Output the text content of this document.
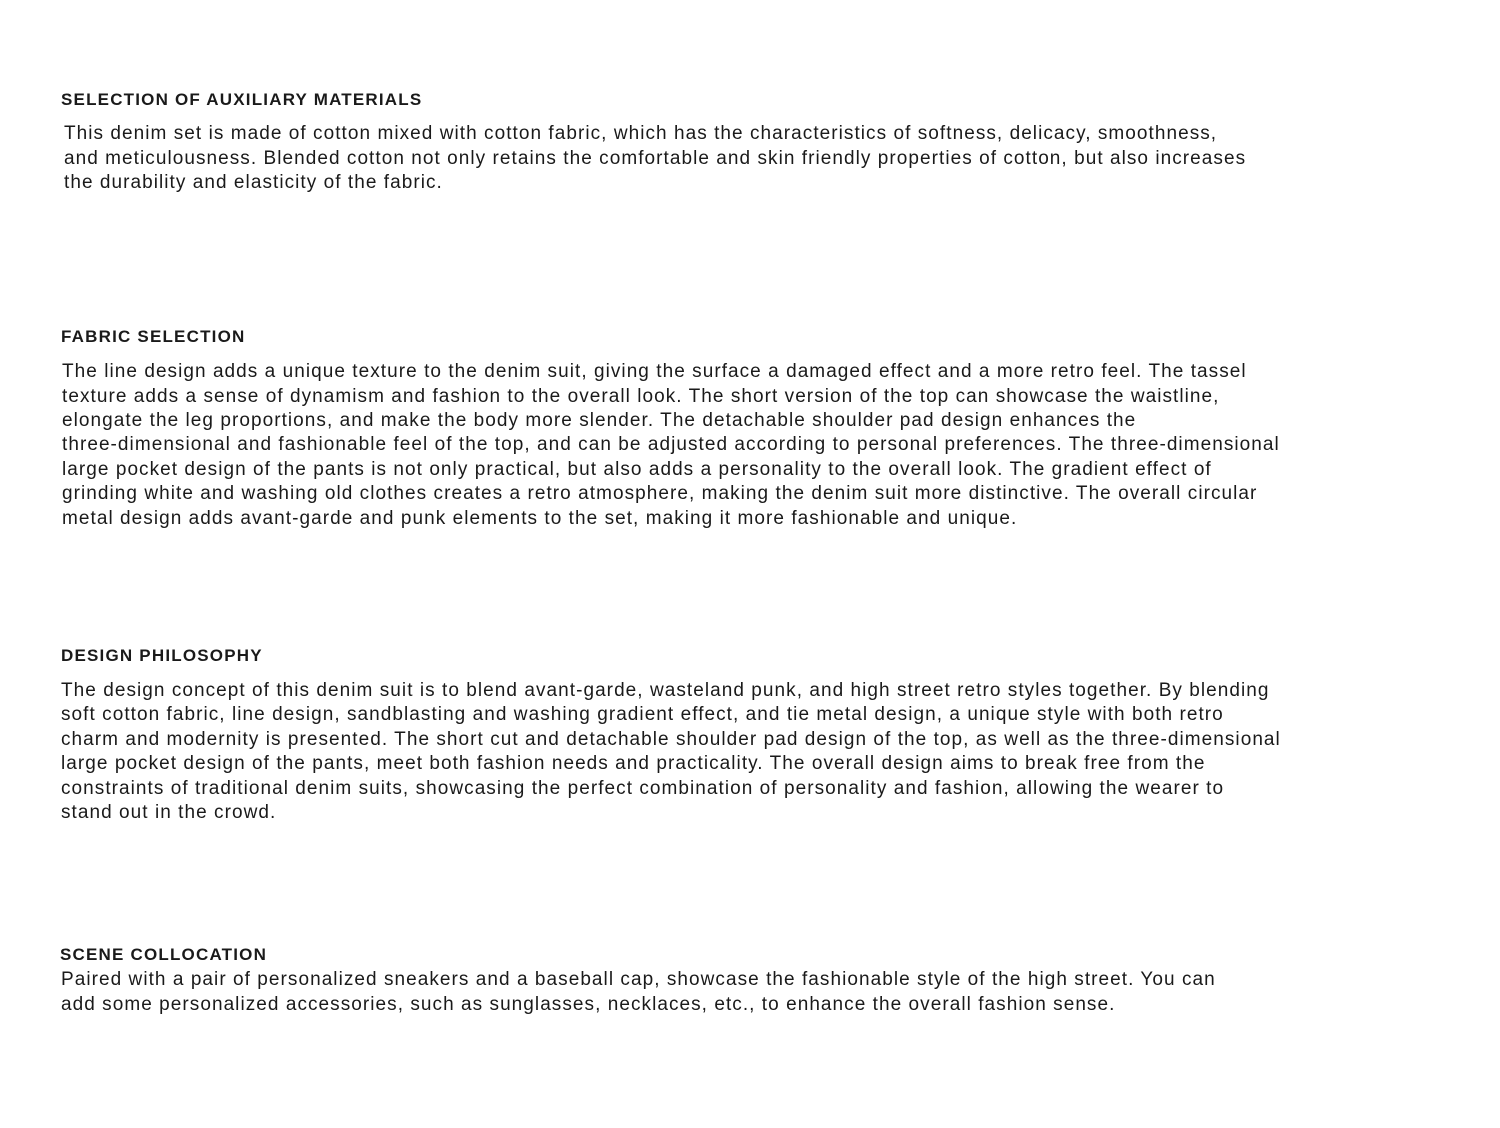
SELECTION OF AUXILIARY MATERIALS

This denim set is made of cotton mixed with cotton fabric, which has the characteristics of softness, delicacy, smoothness,

and meticulousness. Blended cotton not only retains the comfortable and skin friendly properties of cotton, but also increases

the durability and elasticity of the fabric.

FABRIC SELECTION

The line design adds a unique texture to the denim suit, giving the surface a damaged effect and a more retro feel. The tassel

texture adds a sense of dynamism and fashion to the overall look. The short version of the top can showcase the waistline,

elongate the leg proportions, and make the body more slender. The detachable shoulder pad design enhances the

three-dimensional and fashionable feel of the top, and can be adjusted according to personal preferences. The three-dimensional

large pocket design of the pants is not only practical, but also adds a personality to the overall look. The gradient effect of

grinding white and washing old clothes creates a retro atmosphere, making the denim suit more distinctive. The overall circular

metal design adds avant-garde and punk elements to the set, making it more fashionable and unique.

DESIGN PHILOSOPHY

The design concept of this denim suit is to blend avant-garde, wasteland punk, and high street retro styles together. By blending

soft cotton fabric, line design, sandblasting and washing gradient effect, and tie metal design, a unique style with both retro

charm and modernity is presented. The short cut and detachable shoulder pad design of the top, as well as the three-dimensional

large pocket design of the pants, meet both fashion needs and practicality. The overall design aims to break free from the

constraints of traditional denim suits, showcasing the perfect combination of personality and fashion, allowing the wearer to

stand out in the crowd.

SCENE COLLOCATION

Paired with a pair of personalized sneakers and a baseball cap, showcase the fashionable style of the high street. You can

add some personalized accessories, such as sunglasses, necklaces, etc., to enhance the overall fashion sense.
